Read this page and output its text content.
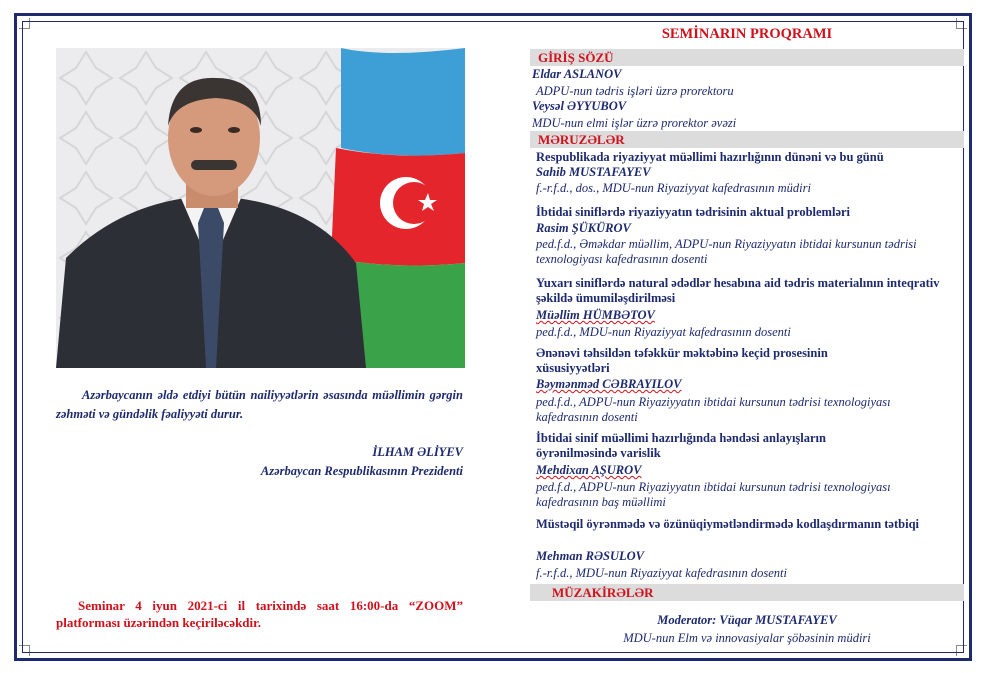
Azərbaycanın əldə etdiyi bütün nailiyyətlərin əsasında müəllimin gərgin zəhməti və gündəlik fəaliyyəti durur.
İLHAM ƏLİYEV
Azərbaycan Respublikasının Prezidenti
Seminar 4 iyun 2021-ci il tarixində saat 16:00-da “ZOOM” platforması üzərindən keçiriləcəkdir.
SEMİNARIN PROQRAMI
GİRİŞ SÖZÜ
Eldar ASLANOV
ADPU-nun tədris işləri üzrə prorektoru
Veysəl ƏYYUBOV
MDU-nun elmi işlər üzrə prorektor əvəzi
MƏRUZƏLƏR
Respublikada riyaziyyat müəllimi hazırlığının dünəni və bu günü
Sahib MUSTAFAYEV
f.-r.f.d., dos., MDU-nun Riyaziyyat kafedrasının müdiri
İbtidai siniflərdə riyaziyyatın tədrisinin aktual problemləri
Rasim ŞÜKÜROV
ped.f.d., Əməkdar müəllim, ADPU-nun Riyaziyyatın ibtidai kursunun tədrisi texnologiyası kafedrasının dosenti
Yuxarı siniflərdə natural ədədlər hesabına aid tədris materialının inteqrativ şəkildə ümumiləşdirilməsi
Müəllim HÜMBƏTOV
ped.f.d., MDU-nun Riyaziyyat kafedrasının dosenti
Ənənəvi təhsildən təfəkkür məktəbinə keçid prosesinin xüsusiyyətləri
Bəymənməd CƏBRAYILOV
ped.f.d., ADPU-nun Riyaziyyatın ibtidai kursunun tədrisi texnologiyası kafedrasının dosenti
İbtidai sinif müəllimi hazırlığında həndəsi anlayışların öyrənilməsində varislik
Mehdixan AŞUROV
ped.f.d., ADPU-nun Riyaziyyatın ibtidai kursunun tədrisi texnologiyası kafedrasının baş müəllimi
Müstəqil öyrənmədə və özünüqiymətləndirmədə kodlaşdırmanın tətbiqi
Mehman RƏSULOV
f.-r.f.d., MDU-nun Riyaziyyat kafedrasının dosenti
MÜZAKİRƏLƏR
Moderator: Vüqar MUSTAFAYEV
MDU-nun Elm və innovasiyalar şöbəsinin müdiri
